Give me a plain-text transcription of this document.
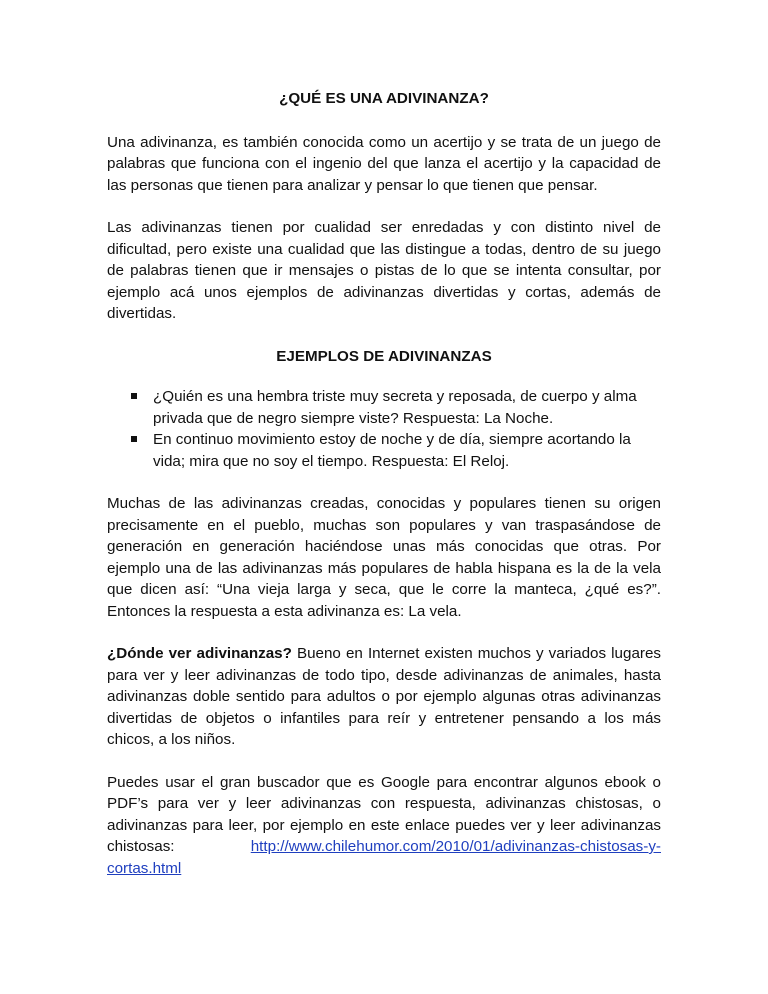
¿QUÉ ES UNA ADIVINANZA?

Una adivinanza, es también conocida como un acertijo y se trata de un juego de palabras que funciona con el ingenio del que lanza el acertijo y la capacidad de las personas que tienen para analizar y pensar lo que tienen que pensar.

Las adivinanzas tienen por cualidad ser enredadas y con distinto nivel de dificultad, pero existe una cualidad que las distingue a todas, dentro de su juego de palabras tienen que ir mensajes o pistas de lo que se intenta consultar, por ejemplo acá unos ejemplos de adivinanzas divertidas y cortas, además de divertidas.

EJEMPLOS DE ADIVINANZAS
¿Quién es una hembra triste muy secreta y reposada, de cuerpo y alma privada que de negro siempre viste? Respuesta: La Noche.
En continuo movimiento estoy de noche y de día, siempre acortando la vida; mira que no soy el tiempo. Respuesta: El Reloj.

Muchas de las adivinanzas creadas, conocidas y populares tienen su origen precisamente en el pueblo, muchas son populares y van traspasándose de generación en generación haciéndose unas más conocidas que otras. Por ejemplo una de las adivinanzas más populares de habla hispana es la de la vela que dicen así: “Una vieja larga y seca, que le corre la manteca, ¿qué es?”. Entonces la respuesta a esta adivinanza es: La vela.

¿Dónde ver adivinanzas? Bueno en Internet existen muchos y variados lugares para ver y leer adivinanzas de todo tipo, desde adivinanzas de animales, hasta adivinanzas doble sentido para adultos o por ejemplo algunas otras adivinanzas divertidas de objetos o infantiles para reír y entretener pensando a los más chicos, a los niños.

Puedes usar el gran buscador que es Google para encontrar algunos ebook o PDF’s para ver y leer adivinanzas con respuesta, adivinanzas chistosas, o adivinanzas para leer, por ejemplo en este enlace puedes ver y leer adivinanzas chistosas: http://www.chilehumor.com/2010/01/adivinanzas-chistosas-y-cortas.html
